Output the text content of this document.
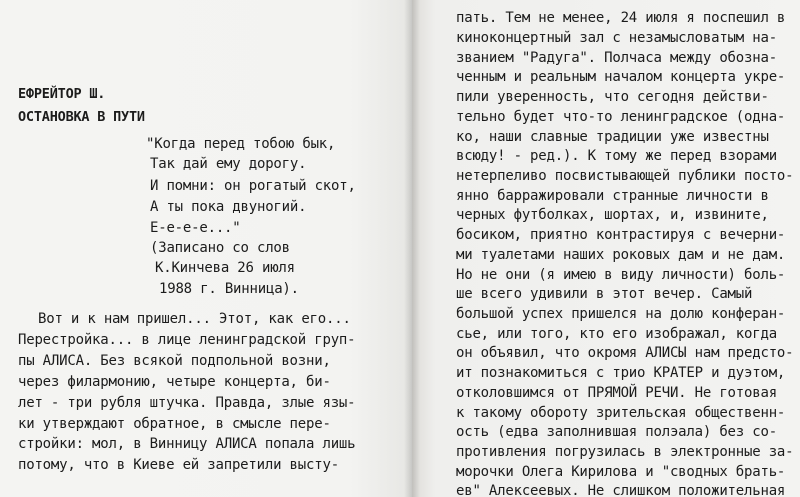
ЕФРЕЙТОР Ш.
ОСТАНОВКА В ПУТИ
"Когда перед тобою бык,
Так дай ему дорогу.
И помни: он рогатый скот,
А ты пока двуногий.
Е-е-е-е..."
(Записано со слов
К.Кинчева 26 июля
1988 г. Винница).
Вот и к нам пришел... Этот, как его...
Перестройка... в лице ленинградской груп-
пы АЛИСА. Без всякой подпольной возни,
через филармонию, четыре концерта, би-
лет - три рубля штучка. Правда, злые язы-
ки утверждают обратное, в смысле пере-
стройки: мол, в Винницу АЛИСА попала лишь
потому, что в Киеве ей запретили высту-
пать. Тем не менее, 24 июля я поспешил в
киноконцертный зал с незамысловатым на-
званием "Радуга". Полчаса между обозна-
ченным и реальным началом концерта укре-
пили уверенность, что сегодня действи-
тельно будет что-то ленинградское (одна-
ко, наши славные традиции уже известны
всюду! - ред.). К тому же перед взорами
нетерпеливо посвистывающей публики посто-
янно барражировали странные личности в
черных футболках, шортах, и, извините,
босиком, приятно контрастируя с вечерни-
ми туалетами наших роковых дам и не дам.
Но не они (я имею в виду личности) боль-
ше всего удивили в этот вечер. Самый
большой успех пришелся на долю конферан-
сье, или того, кто его изображал, когда
он объявил, что окромя АЛИСЫ нам предсто-
ит познакомиться с трио КРАТЕР и дуэтом,
отколовшимся от ПРЯМОЙ РЕЧИ. Не готовая
к такому обороту зрительская общественн-
ость (едва заполнившая полэала) без со-
противления погрузилась в электронные за-
морочки Олега Кирилова и "сводных брать-
ев" Алексеевых. Не слишком положительная
